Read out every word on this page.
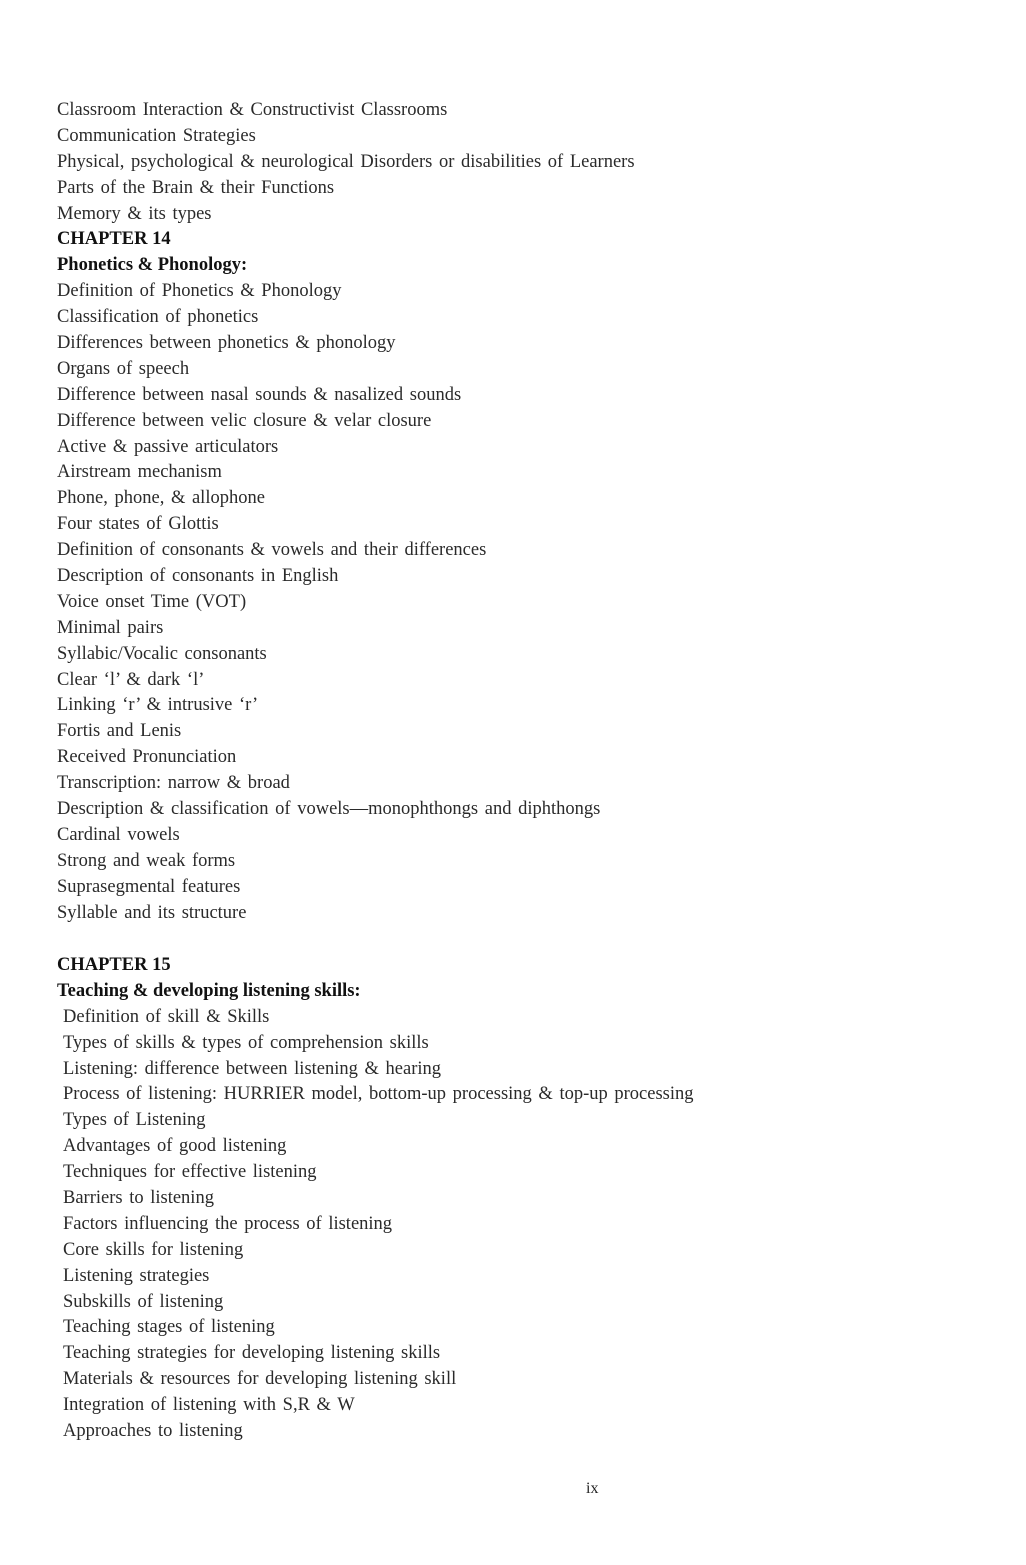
Classroom Interaction & Constructivist Classrooms
Communication Strategies
Physical, psychological & neurological Disorders or disabilities of Learners
Parts of the Brain & their Functions
Memory & its types
CHAPTER 14
Phonetics & Phonology:
Definition of Phonetics & Phonology
Classification of phonetics
Differences between phonetics & phonology
Organs of speech
Difference between nasal sounds & nasalized sounds
Difference between velic closure & velar closure
Active & passive articulators
Airstream mechanism
Phone, phone, & allophone
Four states of Glottis
Definition of consonants & vowels and their differences
Description of consonants in English
Voice onset Time (VOT)
Minimal pairs
Syllabic/Vocalic consonants
Clear ‘l’ & dark ‘l’
Linking ‘r’ & intrusive ‘r’
Fortis and Lenis
Received Pronunciation
Transcription: narrow & broad
Description & classification of vowels—monophthongs and diphthongs
Cardinal vowels
Strong and weak forms
Suprasegmental features
Syllable and its structure
CHAPTER 15
Teaching & developing listening skills:
Definition of skill & Skills
Types of skills & types of comprehension skills
Listening: difference between listening & hearing
Process of listening: HURRIER model, bottom-up processing & top-up processing
Types of Listening
Advantages of good listening
Techniques for effective listening
Barriers to listening
Factors influencing the process of listening
Core skills for listening
Listening strategies
Subskills of listening
Teaching stages of listening
Teaching strategies for developing listening skills
Materials & resources for developing listening skill
Integration of listening with S,R & W
Approaches to listening
ix
